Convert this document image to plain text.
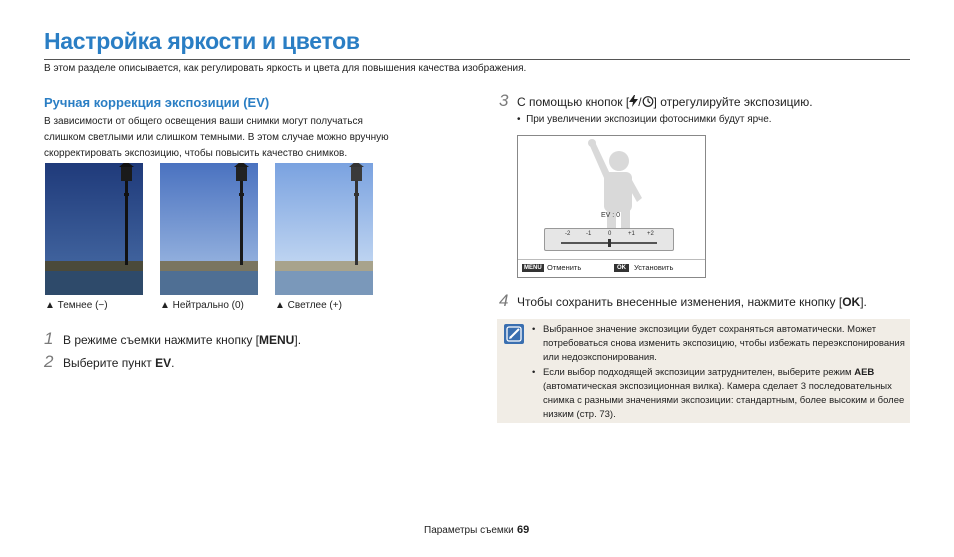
Настройка яркости и цветов
В этом разделе описывается, как регулировать яркость и цвета для повышения качества изображения.
Ручная коррекция экспозиции (EV)
В зависимости от общего освещения ваши снимки могут получаться
слишком светлыми или слишком темными. В этом случае можно вручную
скорректировать экспозицию, чтобы повысить качество снимков.
▲ Темнее (−)	▲ Нейтрально (0)	▲ Светлее (+)
1 В режиме съемки нажмите кнопку [MENU].
2 Выберите пункт EV.
3 С помощью кнопок [ / ] отрегулируйте экспозицию.
•  При увеличении экспозиции фотоснимки будут ярче.
EV : 0
-2	-1	0	+1 +2
MENU Отменить	OK	Установить
4 Чтобы сохранить внесенные изменения, нажмите кнопку [OK].
• Выбранное значение экспозиции будет сохраняться автоматически. Может потребоваться снова изменить экспозицию, чтобы избежать переэкспонирования или недоэкспонирования.
• Если выбор подходящей экспозиции затруднителен, выберите режим AEB (автоматическая экспозиционная вилка). Камера сделает 3 последовательных снимка с разными значениями экспозиции: стандартным, более высоким и более низким (стр. 73).
Параметры съемки 69
